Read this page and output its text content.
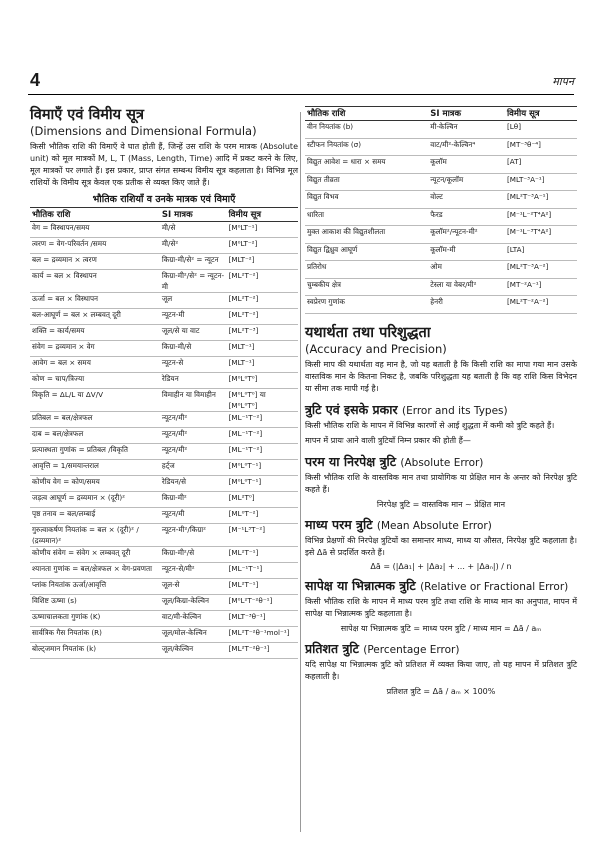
4	मापन
विमाएँ एवं विमीय सूत्र
(Dimensions and Dimensional Formula)

किसी भौतिक राशि की विमाएँ वे घात होती हैं, जिन्हें उस राशि के परम मात्रक (Absolute unit) को मूल मात्रकों M, L, T (Mass, Length, Time) आदि में प्रकट करने के लिए, मूल मात्रकों पर लगाते हैं। इस प्रकार, प्राप्त संगत सम्बन्ध विमीय सूत्र कहलाता है। विभिन्न मूल राशियों के विमीय सूत्र केवल एक प्रतीक से व्यक्त किए जाते हैं।

भौतिक राशियाँ व उनके मात्रक एवं विमाएँ
भौतिक राशि	SI मात्रक	विमीय सूत्र
वेग = विस्थापन/समय	मी/से	[M⁰LT⁻¹]
त्वरण = वेग-परिवर्तन /समय	मी/से²	[M⁰LT⁻²]
बल = द्रव्यमान × त्वरण	किग्रा-मी/से² = न्यूटन	[MLT⁻²]
कार्य = बल × विस्थापन	किग्रा-मी²/से² = न्यूटन-मी	[ML²T⁻²]
ऊर्जा = बल × विस्थापन	जूल	[ML²T⁻²]
बल-आघूर्ण = बल × लम्बवत् दूरी	न्यूटन-मी	[ML²T⁻²]
शक्ति = कार्य/समय	जूल/से या वाट	[ML²T⁻³]
संवेग = द्रव्यमान × वेग	किग्रा-मी/से	[MLT⁻¹]
आवेग = बल × समय	न्यूटन-से	[MLT⁻¹]
कोण = चाप/त्रिज्या	रेडियन	[M⁰L⁰T⁰]
विकृति = ΔL/L या ΔV/V	विमाहीन या विमाहीन	[M⁰L⁰T⁰] या [M⁰L⁰T⁰]
प्रतिबल = बल/क्षेत्रफल	न्यूटन/मी²	[ML⁻¹T⁻²]
दाब = बल/क्षेत्रफल	न्यूटन/मी²	[ML⁻¹T⁻²]
प्रत्यास्थता गुणांक = प्रतिबल /विकृति	न्यूटन/मी²	[ML⁻¹T⁻²]
आवृत्ति = 1/समयान्तराल	हर्ट्ज	[M⁰L⁰T⁻¹]
कोणीय वेग = कोण/समय	रेडियन/से	[M⁰L⁰T⁻¹]
जड़त्व आघूर्ण = द्रव्यमान × (दूरी)²	किग्रा-मी²	[ML²T⁰]
पृष्ठ तनाव = बल/लम्बाई	न्यूटन/मी	[ML⁰T⁻²]
गुरुत्वाकर्षण नियतांक = बल × (दूरी)² / (द्रव्यमान)²	न्यूटन-मी²/किग्रा²	[M⁻¹L³T⁻²]
कोणीय संवेग = संवेग × लम्बवत् दूरी	किग्रा-मी²/से	[ML²T⁻¹]
श्यानता गुणांक = बल/क्षेत्रफल × वेग-प्रवणता	न्यूटन-से/मी²	[ML⁻¹T⁻¹]
प्लांक नियतांक ऊर्जा/आवृत्ति	जूल-से	[ML²T⁻¹]
विशिष्ट ऊष्मा (s)	जूल/किग्रा-केल्विन	[M⁰L²T⁻²θ⁻¹]
ऊष्माचालकता गुणांक (K)	वाट/मी-केल्विन	[MLT⁻³θ⁻¹]
सार्वत्रिक गैस नियतांक (R)	जूल/मोल-केल्विन	[ML²T⁻²θ⁻¹mol⁻¹]
बोल्ट्जमान नियतांक (k)	जूल/केल्विन	[ML²T⁻²θ⁻¹]
भौतिक राशि	SI मात्रक	विमीय सूत्र
वीन नियतांक (b)	मी-केल्विन	[Lθ]
स्टीफन नियतांक (σ)	वाट/मी²-केल्विन⁴	[MT⁻³θ⁻⁴]
विद्युत आवेश = धारा × समय	कूलॉम	[AT]
विद्युत तीव्रता	न्यूटन/कूलॉम	[MLT⁻³A⁻¹]
विद्युत विभव	वोल्ट	[ML²T⁻³A⁻¹]
धारिता	फैरड	[M⁻¹L⁻²T⁴A²]
मुक्त आकाश की विद्युतशीलता	कूलॉम²/न्यूटन-मी²	[M⁻¹L⁻³T⁴A²]
विद्युत द्विध्रुव आघूर्ण	कूलॉम-मी	[LTA]
प्रतिरोध	ओम	[ML²T⁻³A⁻²]
चुम्बकीय क्षेत्र	टेस्ला या वेबर/मी²	[MT⁻²A⁻¹]
स्वप्रेरण गुणांक	हेनरी	[ML²T⁻²A⁻²]
यथार्थता तथा परिशुद्धता
(Accuracy and Precision)

किसी माप की यथार्थता वह मान है, जो यह बताती है कि किसी राशि का मापा गया मान उसके वास्तविक मान के कितना निकट है, जबकि परिशुद्धता यह बताती है कि वह राशि किस विभेदन या सीमा तक मापी गई है।

त्रुटि एवं इसके प्रकार (Error and its Types)

किसी भौतिक राशि के मापन में विभिन्न कारणों से आई शुद्धता में कमी को त्रुटि कहते हैं।

मापन में प्रायः आने वाली त्रुटियाँ निम्न प्रकार की होती हैं—

परम या निरपेक्ष त्रुटि (Absolute Error)

किसी भौतिक राशि के वास्तविक मान तथा प्रायोगिक या प्रेक्षित मान के अन्तर को निरपेक्ष त्रुटि कहते हैं।

निरपेक्ष त्रुटि = वास्तविक मान ~ प्रेक्षित मान
माध्य परम त्रुटि (Mean Absolute Error)

विभिन्न प्रेक्षणों की निरपेक्ष त्रुटियों का समान्तर माध्य, माध्य या औसत, निरपेक्ष त्रुटि कहलाता है। इसे Δā से प्रदर्शित करते हैं।

Δā = (|Δa₁| + |Δa₂| + ... + |Δaₙ|) / n
सापेक्ष या भिन्नात्मक त्रुटि (Relative or Fractional Error)

किसी भौतिक राशि के मापन में माध्य परम त्रुटि तथा राशि के माध्य मान का अनुपात, मापन में सापेक्ष या भिन्नात्मक त्रुटि कहलाता है।

सापेक्ष या भिन्नात्मक त्रुटि = माध्य परम त्रुटि / माध्य मान = Δā / aₘ
प्रतिशत त्रुटि (Percentage Error)

यदि सापेक्ष या भिन्नात्मक त्रुटि को प्रतिशत में व्यक्त किया जाए, तो यह मापन में प्रतिशत त्रुटि कहलाती है।

प्रतिशत त्रुटि = Δā / aₘ × 100%
